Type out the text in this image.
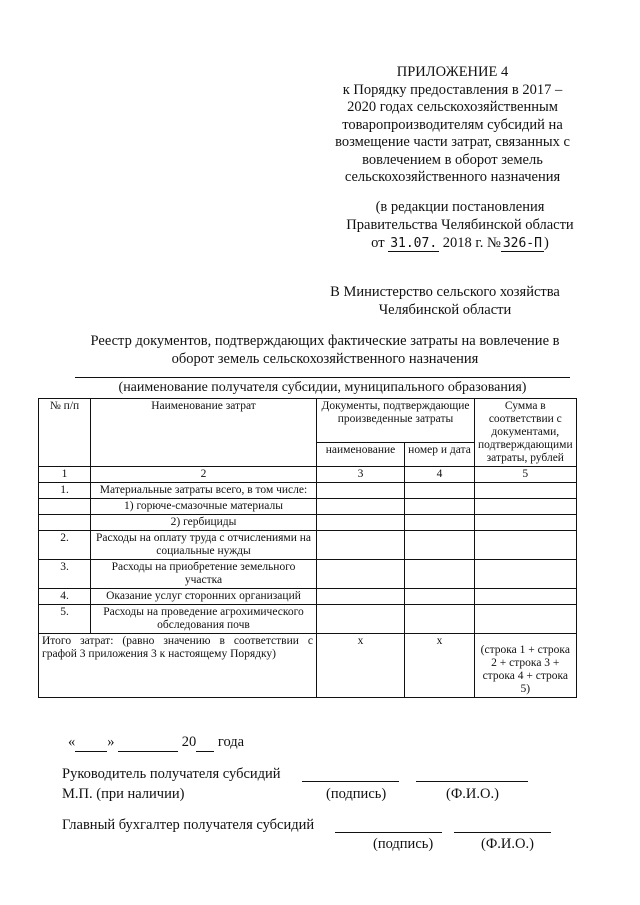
ПРИЛОЖЕНИЕ 4
к Порядку предоставления в 2017 –
2020 годах сельскохозяйственным
товаропроизводителям субсидий на
возмещение части затрат, связанных с
вовлечением в оборот земель
сельскохозяйственного назначения
(в редакции постановления
Правительства Челябинской области
от 31.07. 2018 г. № 326-П )
В Министерство сельского хозяйства
Челябинской области
Реестр документов, подтверждающих фактические затраты на вовлечение в
оборот земель сельскохозяйственного назначения
(наименование получателя субсидии, муниципального образования)
№ п/п	Наименование затрат	Документы, подтверждающие произведенные затраты		Сумма в соответствии с документами, подтверждающими затраты, рублей
		наименование	номер и дата	
1	2	3	4	5
1.	Материальные затраты всего, в том числе:			
	1) горюче-смазочные материалы			
	2) гербициды			
2.	Расходы на оплату труда с отчислениями на социальные нужды			
3.	Расходы на приобретение земельного участка			
4.	Оказание услуг сторонних организаций			
5.	Расходы на проведение агрохимического обследования почв			
Итого затрат: (равно значению в соответствии с графой 3 приложения 3 к настоящему Порядку)		х	х	(строка 1 + строка 2 + строка 3 + строка 4 + строка 5)
« »	20 года
Руководитель получателя субсидий
М.П. (при наличии)	(подпись)	(Ф.И.О.)
Главный бухгалтер получателя субсидий
(подпись)	(Ф.И.О.)
